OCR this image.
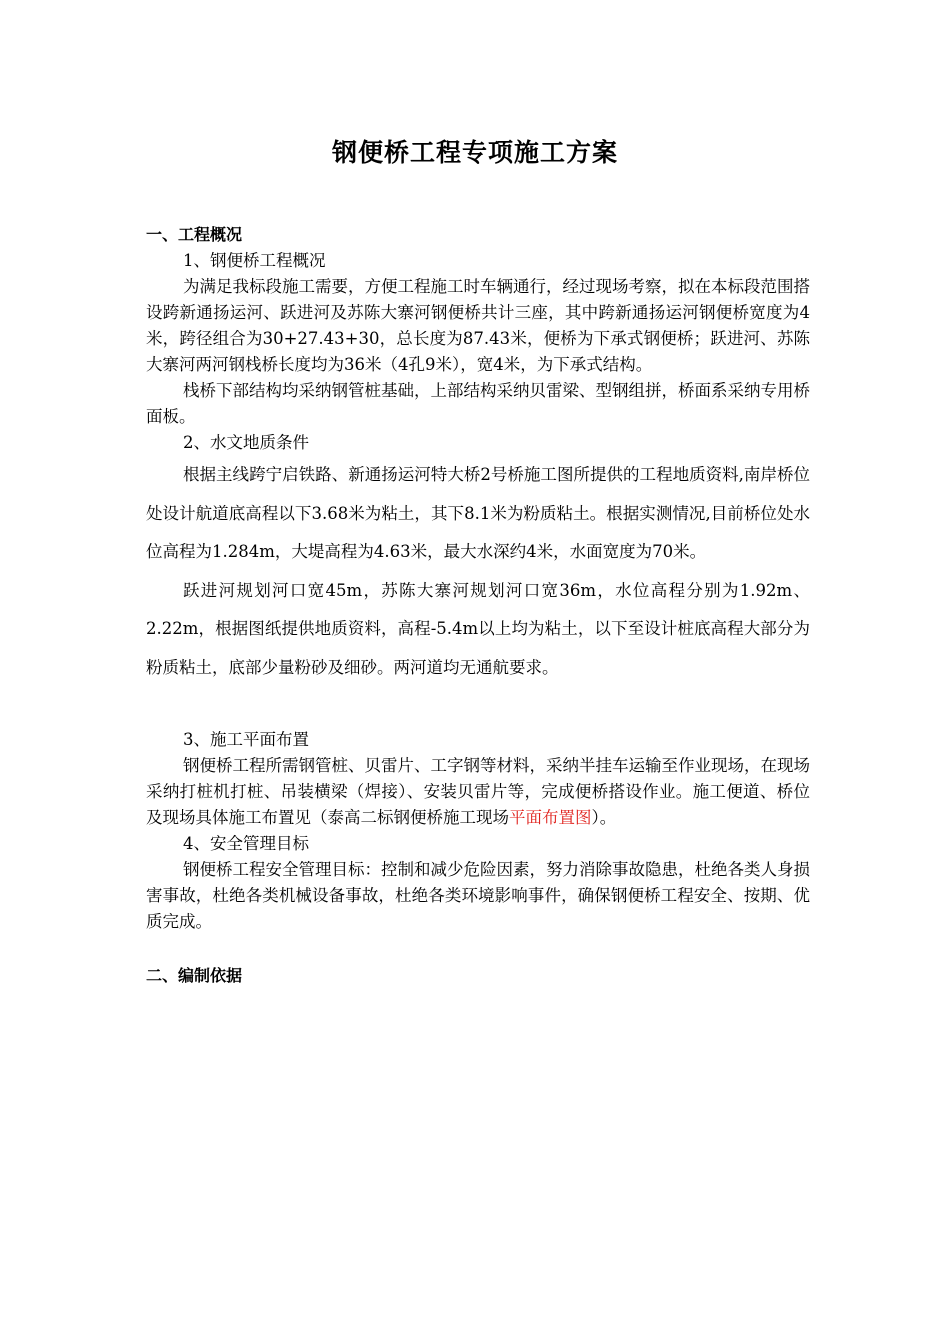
钢便桥工程专项施工方案
一、工程概况
1、钢便桥工程概况

为满足我标段施工需要，方便工程施工时车辆通行，经过现场考察，拟在本标段范围搭设跨新通扬运河、跃进河及苏陈大寨河钢便桥共计三座，其中跨新通扬运河钢便桥宽度为4米，跨径组合为30+27.43+30，总长度为87.43米，便桥为下承式钢便桥；跃进河、苏陈大寨河两河钢栈桥长度均为36米（4孔9米），宽4米，为下承式结构。

栈桥下部结构均采纳钢管桩基础，上部结构采纳贝雷梁、型钢组拼，桥面系采纳专用桥面板。

2、水文地质条件

根据主线跨宁启铁路、新通扬运河特大桥2号桥施工图所提供的工程地质资料,南岸桥位处设计航道底高程以下3.68米为粘土，其下8.1米为粉质粘土。根据实测情况,目前桥位处水位高程为1.284m，大堤高程为4.63米，最大水深约4米，水面宽度为70米。

跃进河规划河口宽45m，苏陈大寨河规划河口宽36m，水位高程分别为1.92m、2.22m，根据图纸提供地质资料，高程-5.4m以上均为粘土，以下至设计桩底高程大部分为粉质粘土，底部少量粉砂及细砂。两河道均无通航要求。

3、施工平面布置

钢便桥工程所需钢管桩、贝雷片、工字钢等材料，采纳半挂车运输至作业现场，在现场采纳打桩机打桩、吊装横梁（焊接）、安装贝雷片等，完成便桥搭设作业。施工便道、桥位及现场具体施工布置见（泰高二标钢便桥施工现场平面布置图）。

4、安全管理目标

钢便桥工程安全管理目标：控制和减少危险因素，努力消除事故隐患，杜绝各类人身损害事故，杜绝各类机械设备事故，杜绝各类环境影响事件，确保钢便桥工程安全、按期、优质完成。

二、编制依据
